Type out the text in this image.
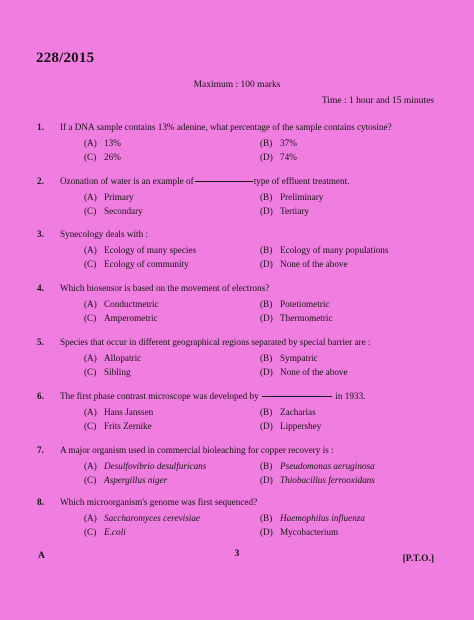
228/2015
Maximum : 100 marks
Time : 1 hour and 15 minutes
1. If a DNA sample contains 13% adenine, what percentage of the sample contains cytosine?
(A) 13%	(B) 37%
(C) 26%	(D) 74%
2. Ozonation of water is an example of	type of effluent treatment.
(A) Primary	(B) Preliminary
(C) Secondary	(D) Tertiary
3. Synecology deals with :
(A) Ecology of many species	(B) Ecology of many populations
(C) Ecology of community	(D) None of the above
4. Which biosensor is based on the movement of electrons?
(A) Conductmetric	(B) Potetiometric
(C) Amperometric	(D) Thermometric
5. Species that occur in different geographical regions separated by special barrier are :
(A) Allopatric	(B) Sympatric
(C) Sibling	(D) None of the above
6. The first phase contrast microscope was developed by	in 1933.
(A) Hans Janssen	(B) Zacharias
(C) Frits Zernike	(D) Lippershey
7. A major organism used in commercial bioleaching for copper recovery is :
(A) Desulfovibrio desulfuricans	(B) Pseudomonas aeruginosa
(C) Aspergillus niger	(D) Thiobacillus ferrooxidans
8. Which microorganism's genome was first sequenced?
(A) Saccharomyces cerevisiae	(B) Haemophilus influenza
(C) E.coli	(D) Mycobacterium
A	3	[P.T.O.]
